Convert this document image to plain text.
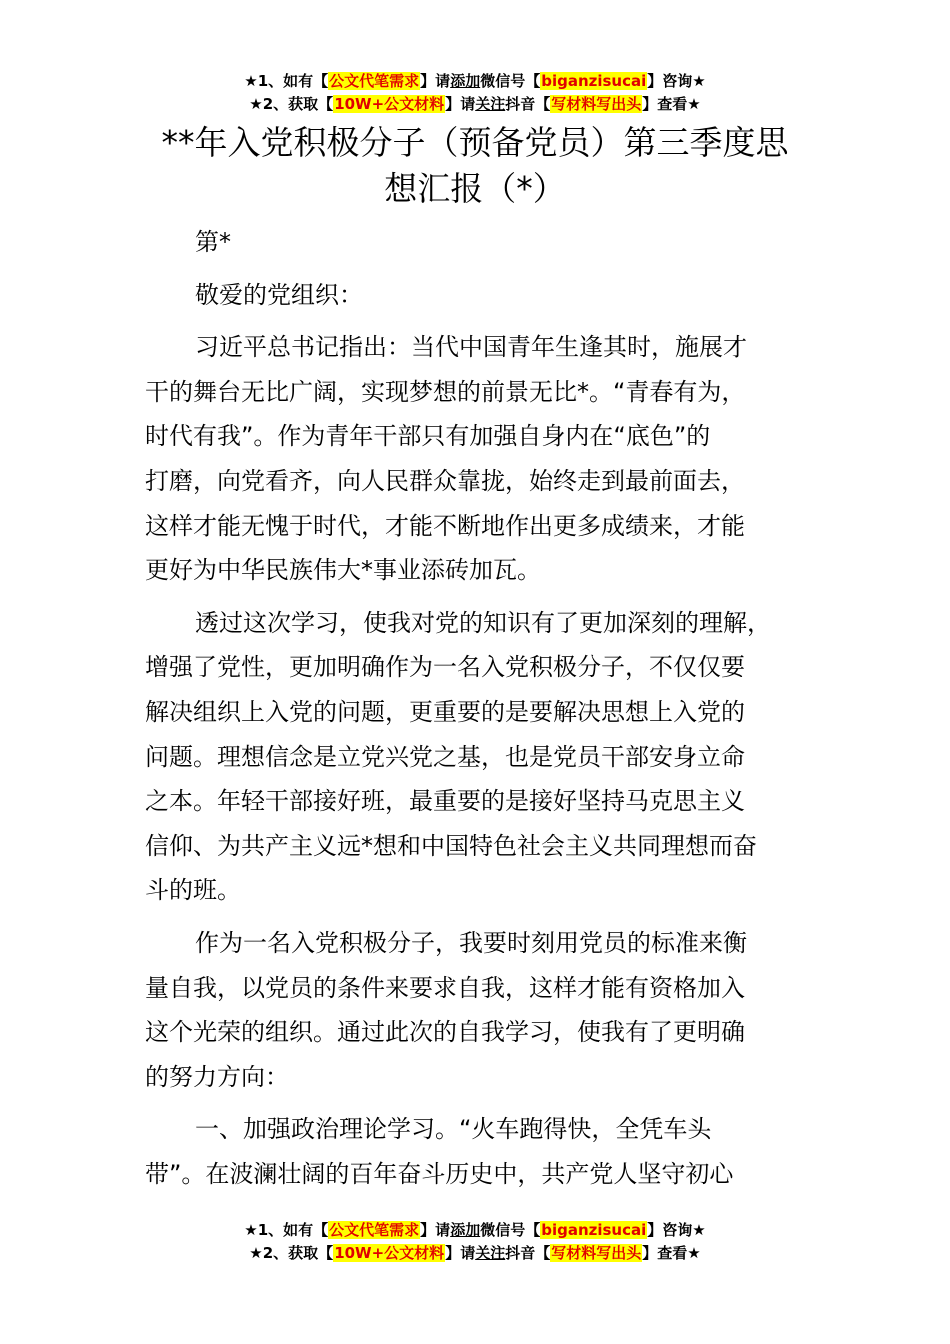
★1、如有【公文代笔需求】请添加微信号【biganzisucai】咨询★
★2、获取【10W+公文材料】请关注抖音【写材料写出头】查看★
**年入党积极分子（预备党员）第三季度思
想汇报（*）

第*

敬爱的党组织：

习近平总书记指出：当代中国青年生逢其时，施展才

干的舞台无比广阔，实现梦想的前景无比*。“青春有为，

时代有我”。作为青年干部只有加强自身内在“底色”的

打磨，向党看齐，向人民群众靠拢，始终走到最前面去，

这样才能无愧于时代，才能不断地作出更多成绩来，才能

更好为中华民族伟大*事业添砖加瓦。

透过这次学习，使我对党的知识有了更加深刻的理解，

增强了党性，更加明确作为一名入党积极分子，不仅仅要

解决组织上入党的问题，更重要的是要解决思想上入党的

问题。理想信念是立党兴党之基，也是党员干部安身立命

之本。年轻干部接好班，最重要的是接好坚持马克思主义

信仰、为共产主义远*想和中国特色社会主义共同理想而奋

斗的班。

作为一名入党积极分子，我要时刻用党员的标准来衡

量自我，以党员的条件来要求自我，这样才能有资格加入

这个光荣的组织。通过此次的自我学习，使我有了更明确

的努力方向：

一、加强政治理论学习。“火车跑得快，全凭车头

带”。在波澜壮阔的百年奋斗历史中，共产党人坚守初心

★1、如有【公文代笔需求】请添加微信号【biganzisucai】咨询★
★2、获取【10W+公文材料】请关注抖音【写材料写出头】查看★
